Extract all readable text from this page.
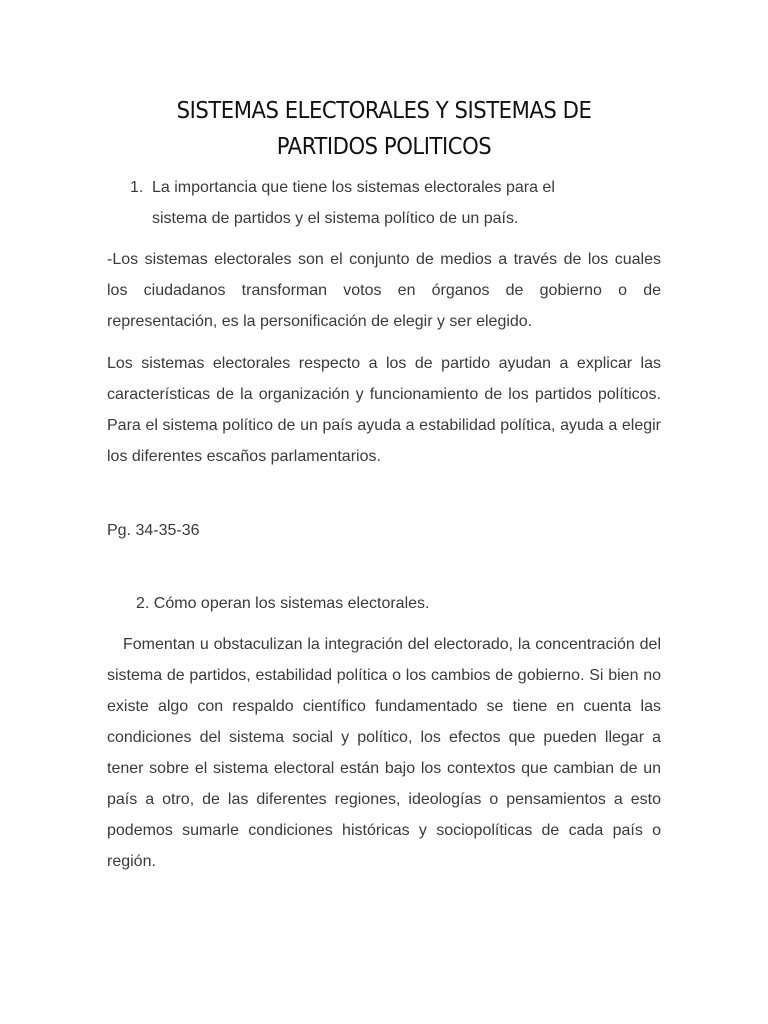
SISTEMAS ELECTORALES Y SISTEMAS DE
PARTIDOS POLITICOS
1. La importancia que tiene los sistemas electorales para el sistema de partidos y el sistema político de un país.
-Los sistemas electorales son el conjunto de medios a través de los cuales los ciudadanos transforman votos en órganos de gobierno o de representación, es la personificación de elegir y ser elegido.
Los sistemas electorales respecto a los de partido ayudan a explicar las características de la organización y funcionamiento de los partidos políticos. Para el sistema político de un país ayuda a estabilidad política, ayuda a elegir los diferentes escaños parlamentarios.
Pg. 34-35-36
2. Cómo operan los sistemas electorales.
Fomentan u obstaculizan la integración del electorado, la concentración del sistema de partidos, estabilidad política o los cambios de gobierno. Si bien no existe algo con respaldo científico fundamentado se tiene en cuenta las condiciones del sistema social y político, los efectos que pueden llegar a tener sobre el sistema electoral están bajo los contextos que cambian de un país a otro, de las diferentes regiones, ideologías o pensamientos a esto podemos sumarle condiciones históricas y sociopolíticas de cada país o región.
